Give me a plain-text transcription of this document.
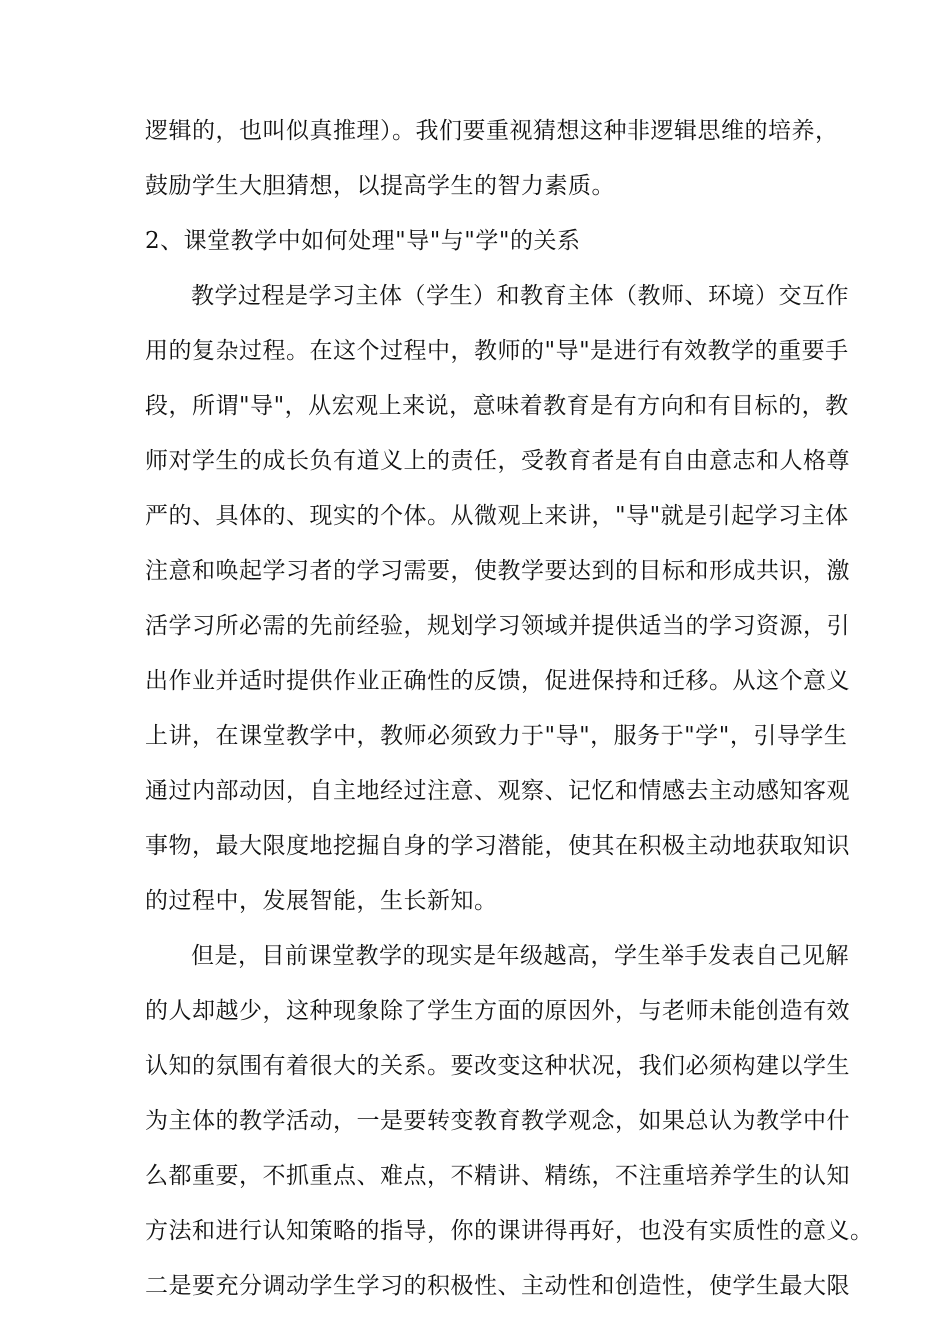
逻辑的，也叫似真推理）。我们要重视猜想这种非逻辑思维的培养，
鼓励学生大胆猜想，以提高学生的智力素质。
2、课堂教学中如何处理"导"与"学"的关系
教学过程是学习主体（学生）和教育主体（教师、环境）交互作
用的复杂过程。在这个过程中，教师的"导"是进行有效教学的重要手
段，所谓"导"，从宏观上来说，意味着教育是有方向和有目标的，教
师对学生的成长负有道义上的责任，受教育者是有自由意志和人格尊
严的、具体的、现实的个体。从微观上来讲，"导"就是引起学习主体
注意和唤起学习者的学习需要，使教学要达到的目标和形成共识，激
活学习所必需的先前经验，规划学习领域并提供适当的学习资源，引
出作业并适时提供作业正确性的反馈，促进保持和迁移。从这个意义
上讲，在课堂教学中，教师必须致力于"导"，服务于"学"，引导学生
通过内部动因，自主地经过注意、观察、记忆和情感去主动感知客观
事物，最大限度地挖掘自身的学习潜能，使其在积极主动地获取知识
的过程中，发展智能，生长新知。
但是，目前课堂教学的现实是年级越高，学生举手发表自己见解
的人却越少，这种现象除了学生方面的原因外，与老师未能创造有效
认知的氛围有着很大的关系。要改变这种状况，我们必须构建以学生
为主体的教学活动，一是要转变教育教学观念，如果总认为教学中什
么都重要，不抓重点、难点，不精讲、精练，不注重培养学生的认知
方法和进行认知策略的指导，你的课讲得再好，也没有实质性的意义。
二是要充分调动学生学习的积极性、主动性和创造性，使学生最大限
